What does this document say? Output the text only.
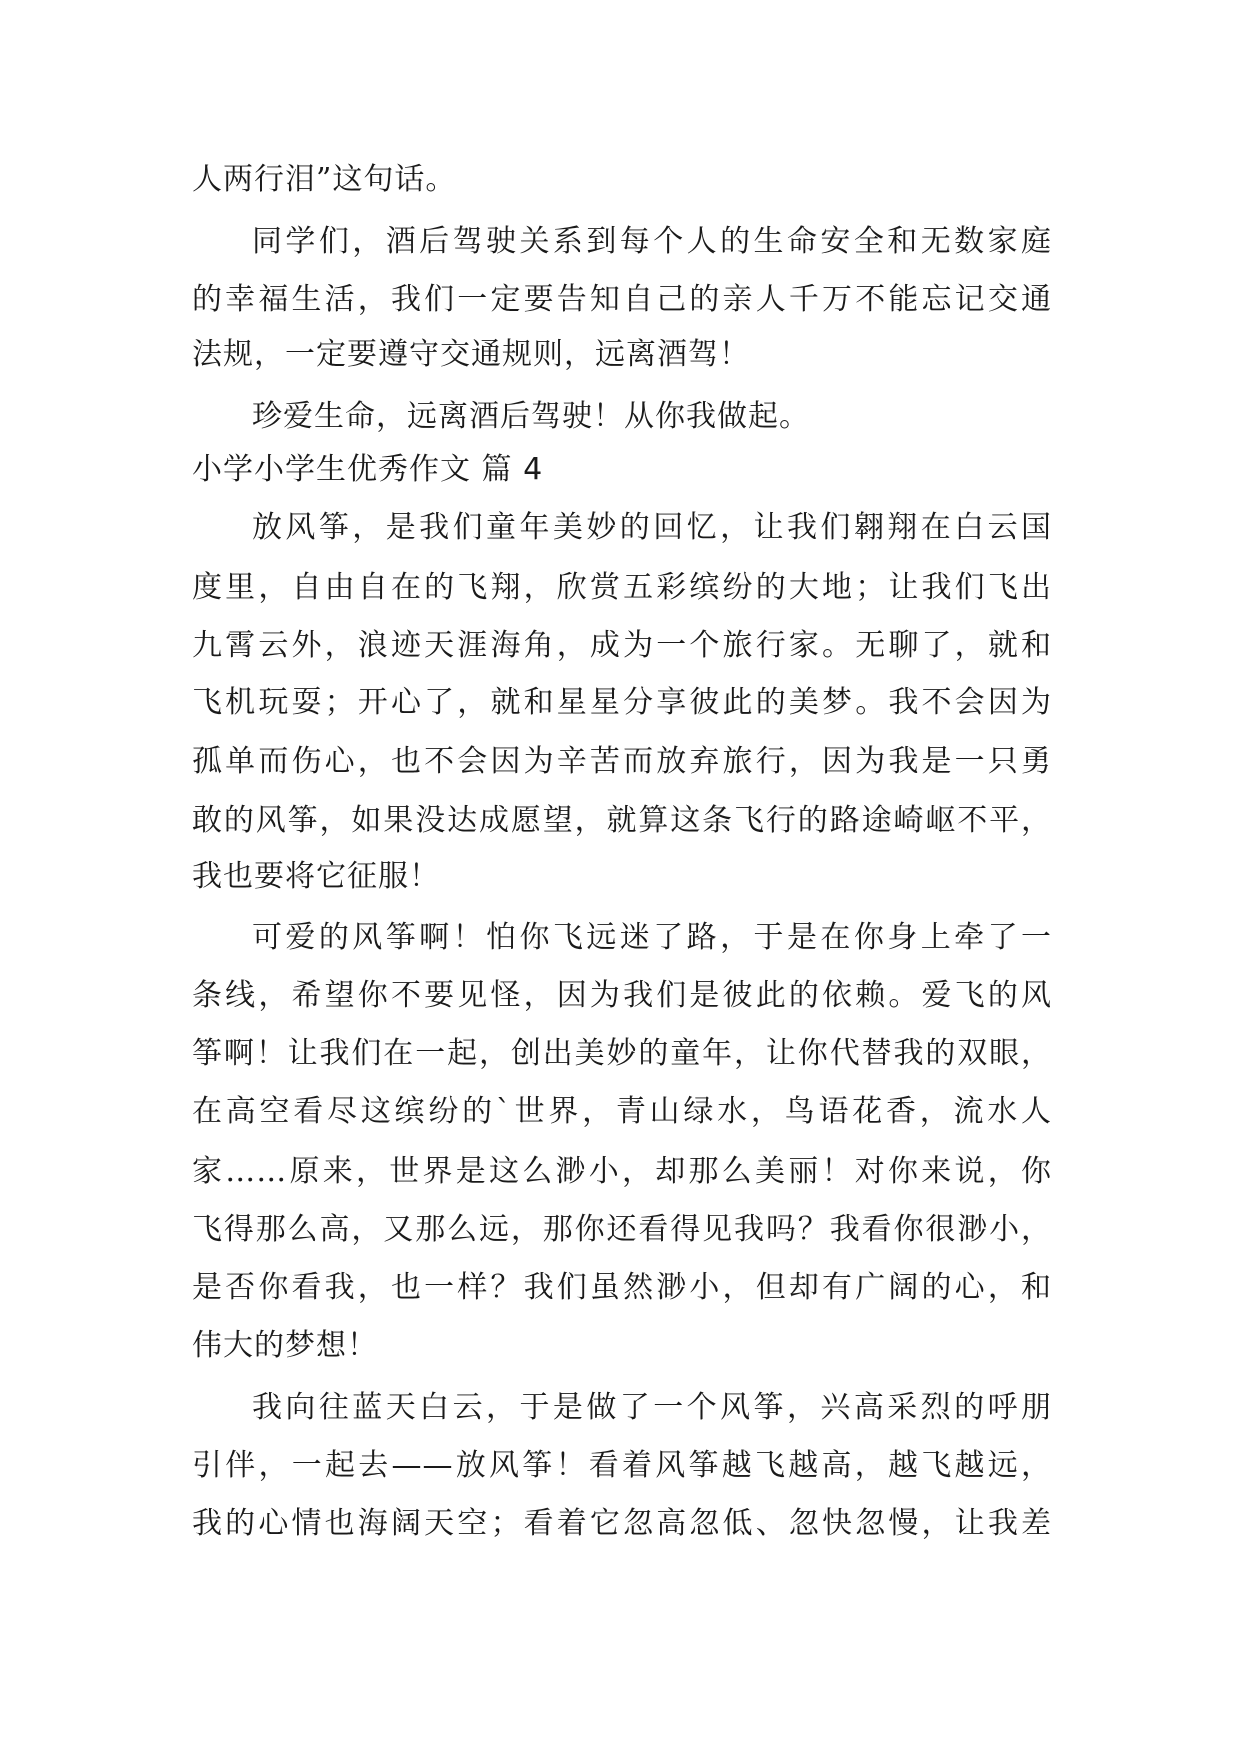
人两行泪”这句话。
同学们，酒后驾驶关系到每个人的生命安全和无数家庭
的幸福生活，我们一定要告知自己的亲人千万不能忘记交通
法规，一定要遵守交通规则，远离酒驾！
珍爱生命，远离酒后驾驶！从你我做起。
小学小学生优秀作文 篇 4
放风筝，是我们童年美妙的回忆，让我们翱翔在白云国
度里，自由自在的飞翔，欣赏五彩缤纷的大地；让我们飞出
九霄云外，浪迹天涯海角，成为一个旅行家。无聊了，就和
飞机玩耍；开心了，就和星星分享彼此的美梦。我不会因为
孤单而伤心，也不会因为辛苦而放弃旅行，因为我是一只勇
敢的风筝，如果没达成愿望，就算这条飞行的路途崎岖不平，
我也要将它征服！
可爱的风筝啊！怕你飞远迷了路，于是在你身上牵了一
条线，希望你不要见怪，因为我们是彼此的依赖。爱飞的风
筝啊！让我们在一起，创出美妙的童年，让你代替我的双眼，
在高空看尽这缤纷的`世界，青山绿水，鸟语花香，流水人
家……原来，世界是这么渺小，却那么美丽！对你来说，你
飞得那么高，又那么远，那你还看得见我吗？我看你很渺小，
是否你看我，也一样？我们虽然渺小，但却有广阔的心，和
伟大的梦想！
我向往蓝天白云，于是做了一个风筝，兴高采烈的呼朋
引伴，一起去——放风筝！看着风筝越飞越高，越飞越远，
我的心情也海阔天空；看着它忽高忽低、忽快忽慢，让我差
